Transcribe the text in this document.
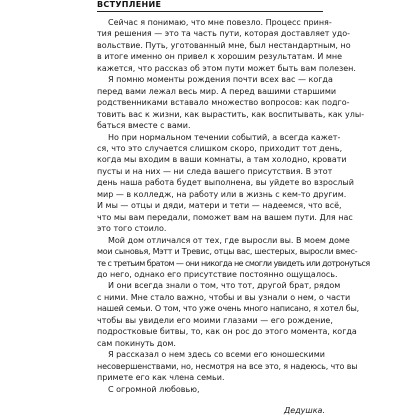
ВСТУПЛЕНИЕ
Сейчас я понимаю, что мне повезло. Процесс приня-
тия решения — это та часть пути, которая доставляет удо-
вольствие. Путь, уготованный мне, был нестандартным, но
в итоге именно он привел к хорошим результатам. И мне
кажется, что рассказ об этом пути может быть вам полезен.
Я помню моменты рождения почти всех вас — когда
перед вами лежал весь мир. А перед вашими старшими
родственниками вставало множество вопросов: как подго-
товить вас к жизни, как вырастить, как воспитывать, как улы-
баться вместе с вами.
Но при нормальном течении событий, а всегда кажет-
ся, что это случается слишком скоро, приходит тот день,
когда мы входим в ваши комнаты, а там холодно, кровати
пусты и на них — ни следа вашего присутствия. В этот
день наша работа будет выполнена, вы уйдете во взрослый
мир — в колледж, на работу или в жизнь с кем-то другим.
И мы — отцы и дяди, матери и тети — надеемся, что всё,
что мы вам передали, поможет вам на вашем пути. Для нас
это того стоило.
Мой дом отличался от тех, где выросли вы. В моем доме
мои сыновья, Мэтт и Тревис, отцы вас, шестерых, выросли вмес-
те с третьим братом — они никогда не смогли увидеть или дотронуться
до него, однако его присутствие постоянно ощущалось.
И они всегда знали о том, что тот, другой брат, рядом
с ними. Мне стало важно, чтобы и вы узнали о нем, о части
нашей семьи. О том, что уже очень много написано, я хотел бы,
чтобы вы увидели его моими глазами — его рождение,
подростковые битвы, то, как он рос до этого момента, когда
сам покинуть дом.
Я рассказал о нем здесь со всеми его юношескими
несовершенствами, но, несмотря на все это, я надеюсь, что вы
примете его как члена семьи.
С огромной любовью,
Дедушка.
